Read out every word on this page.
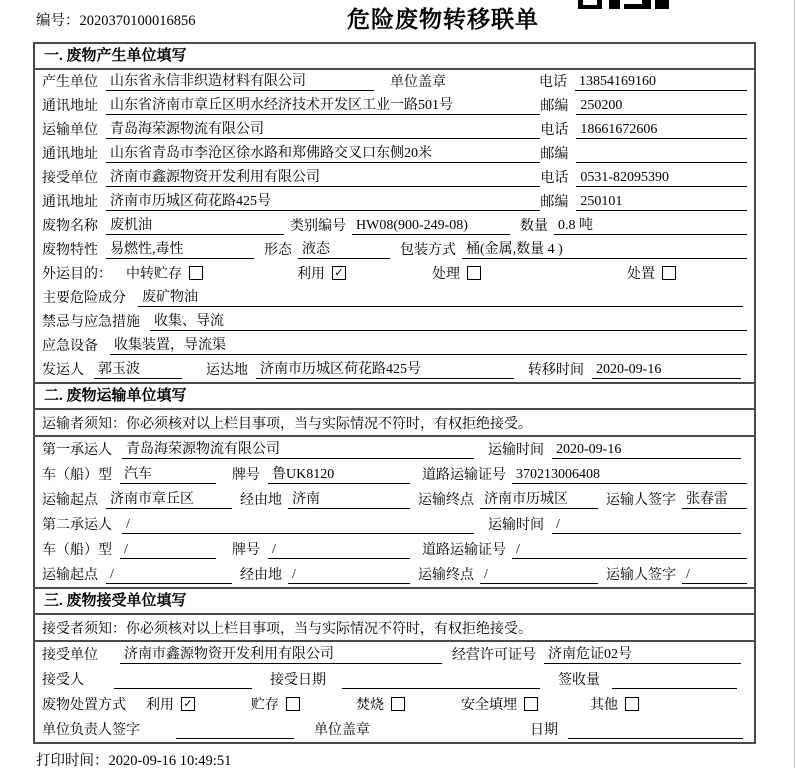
编号：2020370100016856	危险废物转移联单
一. 废物产生单位填写
产生单位 山东省永信非织造材料有限公司	单位盖章	电话 13854169160
通讯地址 山东省济南市章丘区明水经济技术开发区工业一路501号	邮编 250200
运输单位 青岛海荣源物流有限公司	电话 18661672606
通讯地址 山东省青岛市李沧区徐水路和郑佛路交叉口东侧20米	邮编
接受单位 济南市鑫源物资开发利用有限公司	电话 0531-82095390
通讯地址 济南市历城区荷花路425号	邮编 250101
废物名称 废机油	类别编号 HW08(900-249-08)	数量 0.8 吨
废物特性 易燃性,毒性	形态 液态	包装方式 桶(金属,数量 4 )
外运目的： 中转贮存	利用 ✓	处理	处置
主要危险成分 废矿物油
禁忌与应急措施 收集、导流
应急设备 收集装置，导流渠
发运人 郭玉波	运达地 济南市历城区荷花路425号	转移时间 2020-09-16
二. 废物运输单位填写
运输者须知： 你必须核对以上栏目事项，当与实际情况不符时，有权拒绝接受。
第一承运人 青岛海荣源物流有限公司	运输时间 2020-09-16
车（船）型 汽车	牌号 鲁UK8120	道路运输证号 370213006408
运输起点 济南市章丘区	经由地 济南	运输终点 济南市历城区	运输人签字 张春雷
第二承运人 /	运输时间 /
车（船）型 /	牌号 /	道路运输证号 /
运输起点 /	经由地 /	运输终点 /	运输人签字 /
三. 废物接受单位填写
接受者须知： 你必须核对以上栏目事项，当与实际情况不符时，有权拒绝接受。
接受单位 济南市鑫源物资开发利用有限公司	经营许可证号 济南危证02号
接受人	接受日期	签收量
废物处置方式 利用 ✓	贮存	焚烧	安全填埋	其他
单位负责人签字	单位盖章	日期
打印时间：2020-09-16 10:49:51
